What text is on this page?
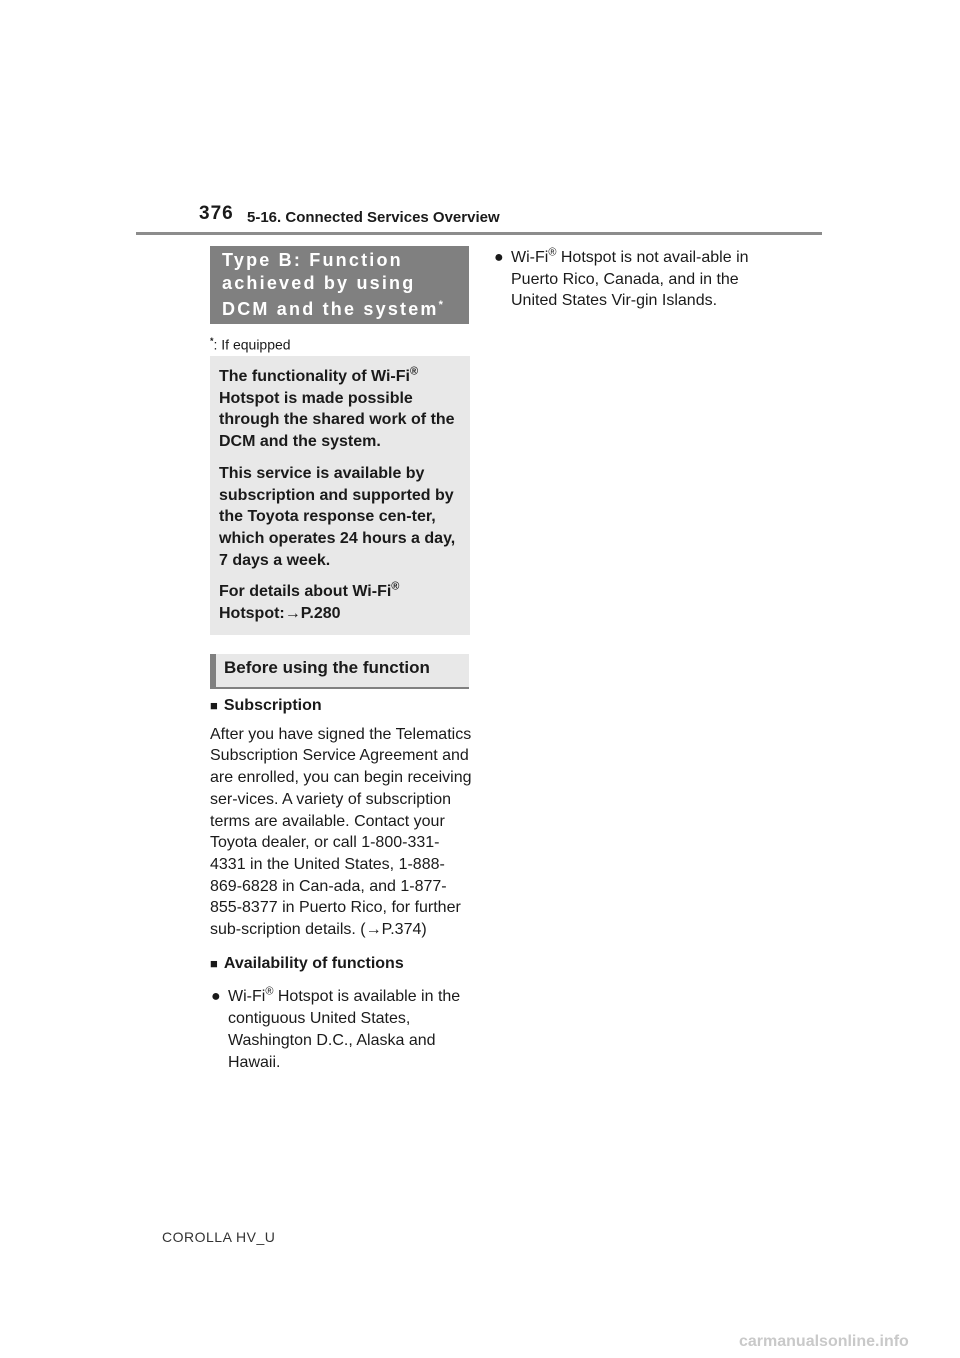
376 5-16. Connected Services Overview
Type B: Function
achieved by using
DCM and the system*
*: If equipped

The functionality of Wi-Fi® Hotspot is made possible through the shared work of the DCM and the system.

This service is available by subscription and supported by the Toyota response cen-ter, which operates 24 hours a day, 7 days a week.

For details about Wi-Fi® Hotspot:→P.280

Before using the function

■ Subscription

After you have signed the Telematics Subscription Service Agreement and are enrolled, you can begin receiving ser-vices. A variety of subscription terms are available. Contact your Toyota dealer, or call 1-800-331-4331 in the United States, 1-888-869-6828 in Can-ada, and 1-877-855-8377 in Puerto Rico, for further sub-scription details. (→P.374)

■ Availability of functions

● Wi-Fi® Hotspot is available in the contiguous United States, Washington D.C., Alaska and Hawaii.

● Wi-Fi® Hotspot is not avail-able in Puerto Rico, Canada, and in the United States Vir-gin Islands.

COROLLA HV_U
carmanualsonline.info
